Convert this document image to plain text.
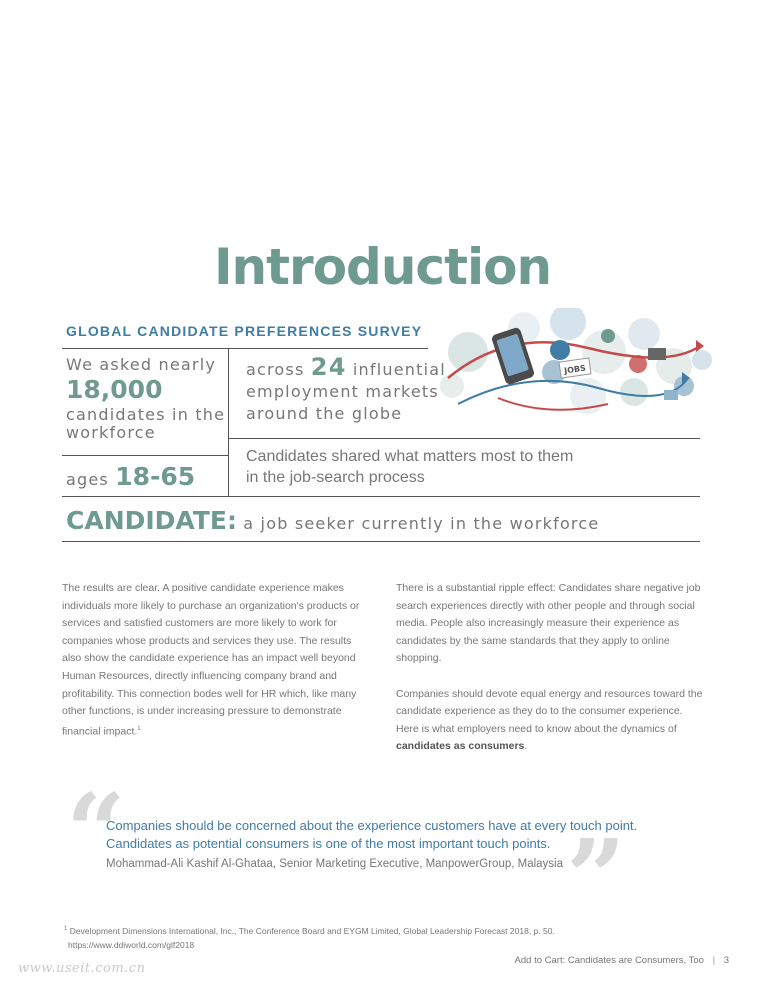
Introduction
GLOBAL CANDIDATE PREFERENCES SURVEY
JOBS
We asked nearly
18,000
candidates in the workforce
across 24 influential employment markets around the globe
ages 18-65
Candidates shared what matters most to them in the job-search process
CANDIDATE: a job seeker currently in the workforce

The results are clear. A positive candidate experience makes individuals more likely to purchase an organization's products or services and satisfied customers are more likely to work for companies whose products and services they use. The results also show the candidate experience has an impact well beyond Human Resources, directly influencing company brand and profitability. This connection bodes well for HR which, like many other functions, is under increasing pressure to demonstrate financial impact.$^1$

There is a substantial ripple effect: Candidates share negative job search experiences directly with other people and through social media. People also increasingly measure their experience as candidates by the same standards that they apply to online shopping.

Companies should devote equal energy and resources toward the candidate experience as they do to the consumer experience. Here is what employers need to know about the dynamics of candidates as consumers.

“	”
Companies should be concerned about the experience customers have at every touch point. Candidates as potential consumers is one of the most important touch points.
Mohammad-Ali Kashif Al-Ghataa, Senior Marketing Executive, ManpowerGroup, Malaysia
$^1$ Development Dimensions International, Inc., The Conference Board and EYGM Limited, Global Leadership Forecast 2018, p. 50.
https://www.ddiworld.com/glf2018
Add to Cart: Candidates are Consumers, Too | 3
www.useit.com.cn
